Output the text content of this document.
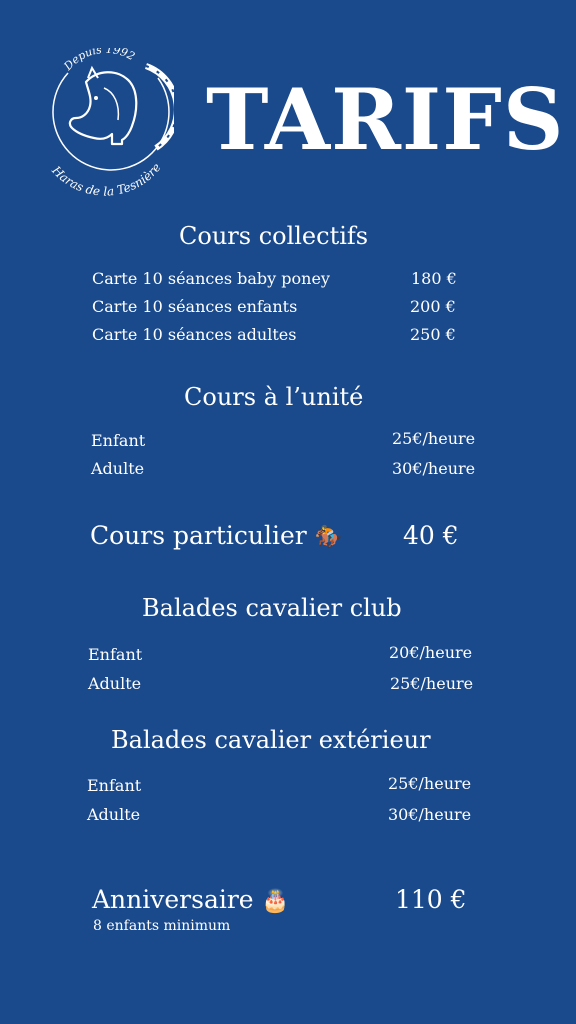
Depuis 1992
Haras de la Tesnière TARIFS
Cours collectifs
Carte 10 séances baby poney	180 €
Carte 10 séances enfants	200 €
Carte 10 séances adultes	250 €
Cours à l’unité
Enfant	25€/heure
Adulte	30€/heure
Cours particulier 🏇 40 €
Balades cavalier club
Enfant	20€/heure
Adulte	25€/heure
Balades cavalier extérieur
Enfant	25€/heure
Adulte	30€/heure
Anniversaire 🎂	110 €
8 enfants minimum
